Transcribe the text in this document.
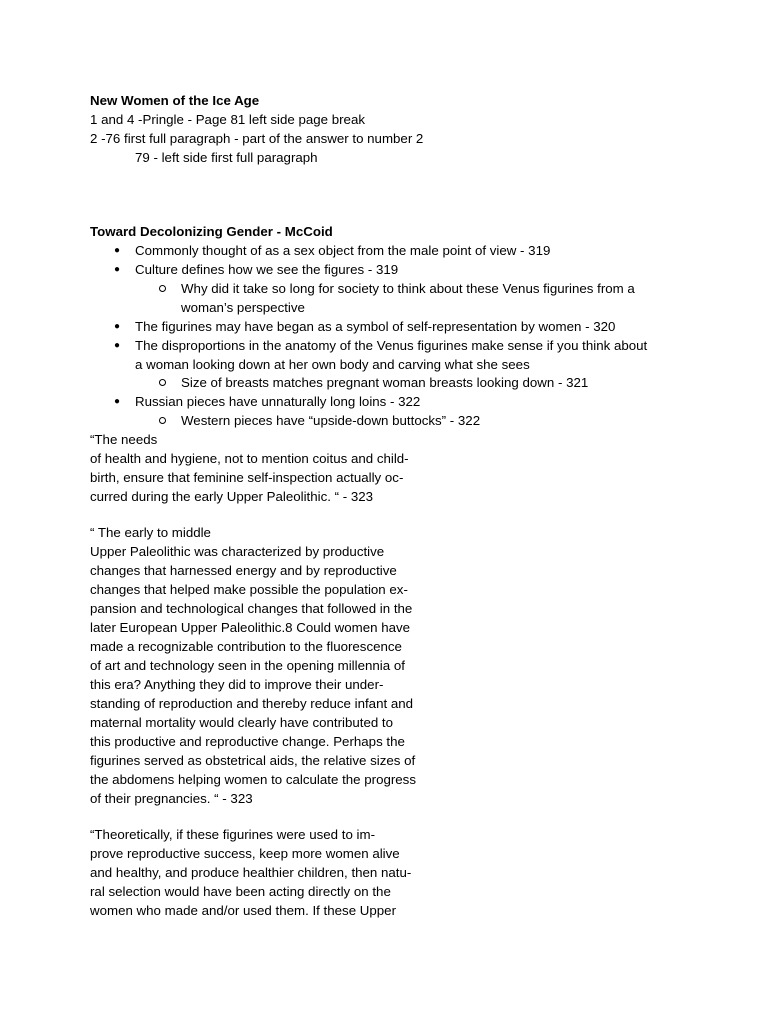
New Women of the Ice Age
1 and 4 -Pringle - Page 81 left side page break
2 -76 first full paragraph - part of the answer to number 2
79 - left side first full paragraph
Toward Decolonizing Gender - McCoid
● Commonly thought of as a sex object from the male point of view - 319
● Culture defines how we see the figures - 319
Why did it take so long for society to think about these Venus figurines from a
woman’s perspective
● The figurines may have began as a symbol of self-representation by women - 320
● The disproportions in the anatomy of the Venus figurines make sense if you think about
a woman looking down at her own body and carving what she sees
Size of breasts matches pregnant woman breasts looking down - 321
● Russian pieces have unnaturally long loins - 322
Western pieces have “upside-down buttocks” - 322
“The needs
of health and hygiene, not to mention coitus and child-
birth, ensure that feminine self-inspection actually oc-
curred during the early Upper Paleolithic. “ - 323
“ The early to middle
Upper Paleolithic was characterized by productive
changes that harnessed energy and by reproductive
changes that helped make possible the population ex-
pansion and technological changes that followed in the
later European Upper Paleolithic.8 Could women have
made a recognizable contribution to the fluorescence
of art and technology seen in the opening millennia of
this era? Anything they did to improve their under-
standing of reproduction and thereby reduce infant and
maternal mortality would clearly have contributed to
this productive and reproductive change. Perhaps the
figurines served as obstetrical aids, the relative sizes of
the abdomens helping women to calculate the progress
of their pregnancies. “ - 323
“Theoretically, if these figurines were used to im-
prove reproductive success, keep more women alive
and healthy, and produce healthier children, then natu-
ral selection would have been acting directly on the
women who made and/or used them. If these Upper
